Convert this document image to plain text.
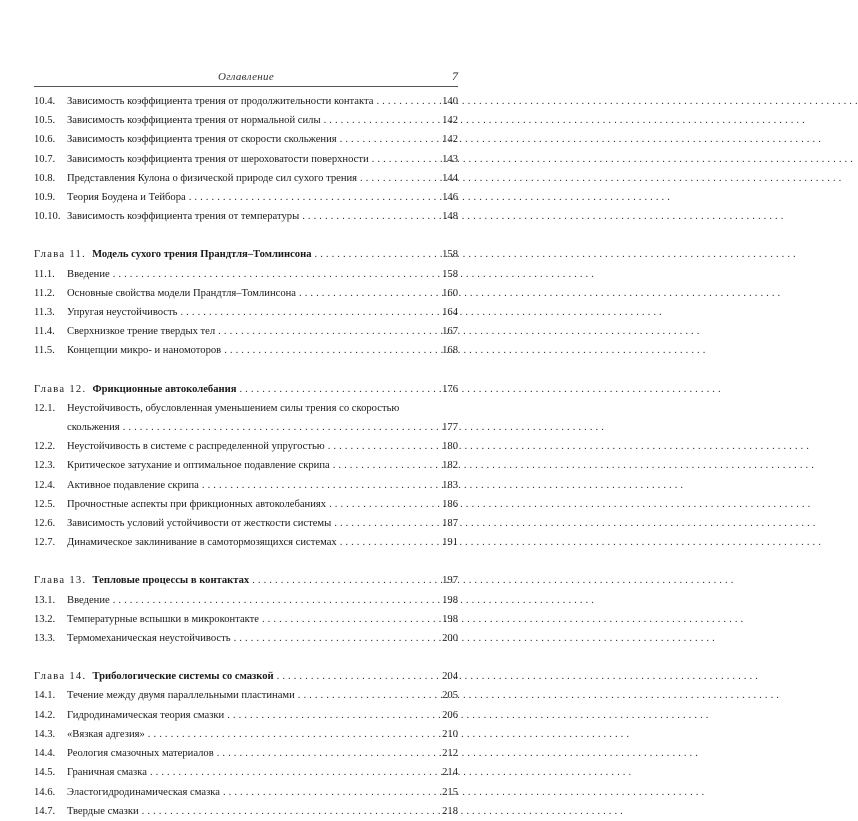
Оглавление	7
10.4.	Зависимость коэффициента трения от продолжительности контакта . . .	140
10.5.	Зависимость коэффициента трения от нормальной силы . . .	142
10.6.	Зависимость коэффициента трения от скорости скольжения . . .	142
10.7.	Зависимость коэффициента трения от шероховатости поверхности . . .	143
10.8.	Представления Кулона о физической природе сил сухого трения . . .	144
10.9.	Теория Боудена и Тейбора . . .	146
10.10. Зависимость коэффициента трения от температуры . . .	148
Глава 11. Модель сухого трения Прандтля–Томлинсона . . .	158
11.1.	Введение . . .	158
11.2.	Основные свойства модели Прандтля–Томлинсона . . .	160
11.3.	Упругая неустойчивость . . .	164
11.4.	Сверхнизкое трение твердых тел . . .	167
11.5.	Концепции микро- и наномоторов . . .	168
Глава 12. Фрикционные автоколебания . . .	176
12.1.	Неустойчивость, обусловленная уменьшением силы трения со скоростью
скольжения . . .	177
12.2.	Неустойчивость в системе с распределенной упругостью . . .	180
12.3.	Критическое затухание и оптимальное подавление скрипа . . .	182
12.4.	Активное подавление скрипа . . .	183
12.5.	Прочностные аспекты при фрикционных автоколебаниях . . .	186
12.6.	Зависимость условий устойчивости от жесткости системы . . .	187
12.7.	Динамическое заклинивание в самотормозящихся системах . . .	191
Глава 13. Тепловые процессы в контактах . . .	197
13.1.	Введение . . .	198
13.2.	Температурные вспышки в микроконтакте . . .	198
13.3.	Термомеханическая неустойчивость . . .	200
Глава 14. Трибологические системы со смазкой . . .	204
14.1.	Течение между двумя параллельными пластинами . . .	205
14.2.	Гидродинамическая теория смазки . . .	206
14.3.	«Вязкая адгезия» . . .	210
14.4.	Реология смазочных материалов . . .	212
14.5.	Граничная смазка . . .	214
14.6.	Эластогидродинамическая смазка . . .	215
14.7.	Твердые смазки . . .	218
